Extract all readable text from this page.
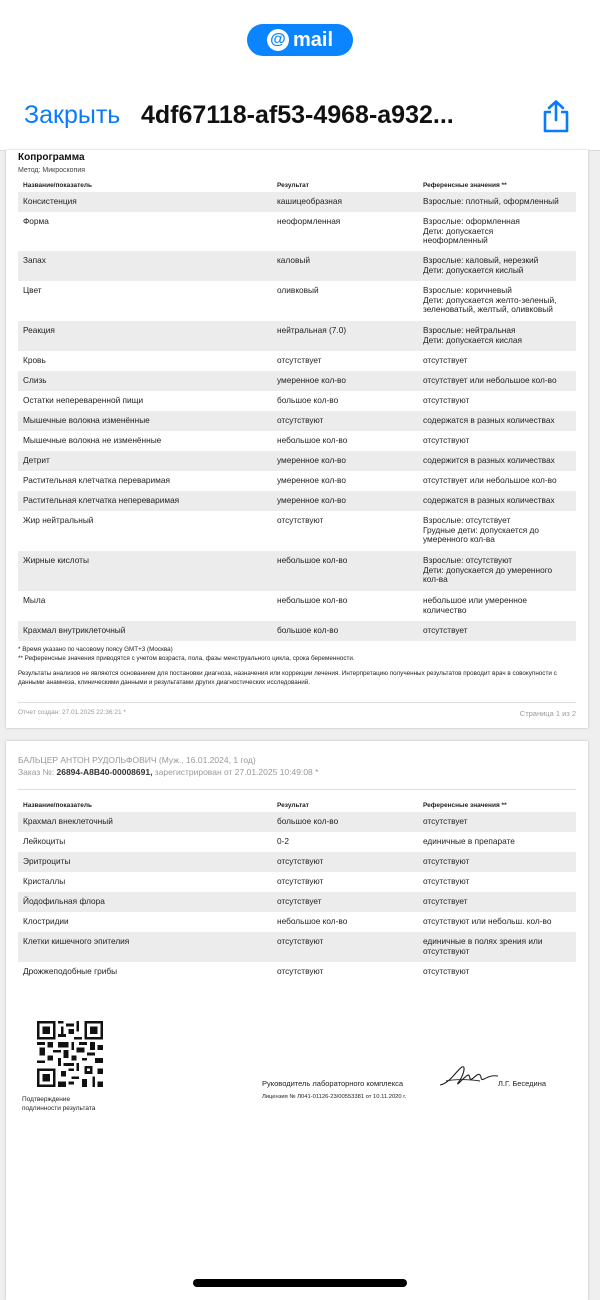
@ mail
Закрыть 4df67118-af53-4968-a932...
Копрограмма
Метод: Микроскопия
Название/показатель	Результат	Референсные значения **
Консистенция	кашицеобразная	Взрослые: плотный, оформленный
Форма	неоформленная	Взрослые: оформленная
Дети: допускается
неоформленный
Запах	каловый	Взрослые: каловый, нерезкий
Дети: допускается кислый
Цвет	оливковый	Взрослые: коричневый
Дети: допускается желто-зеленый,
зеленоватый, желтый, оливковый
Реакция	нейтральная (7.0)	Взрослые: нейтральная
Дети: допускается кислая
Кровь	отсутствует	отсутствует
Слизь	умеренное кол-во	отсутствует или небольшое кол-во
Остатки непереваренной пищи	большое кол-во	отсутствуют
Мышечные волокна изменённые	отсутствуют	содержатся в разных количествах
Мышечные волокна не изменённые	небольшое кол-во	отсутствуют
Детрит	умеренное кол-во	содержится в разных количествах
Растительная клетчатка переваримая	умеренное кол-во	отсутствует или небольшое кол-во
Растительная клетчатка непереваримая	умеренное кол-во	содержатся в разных количествах
Жир нейтральный	отсутствуют	Взрослые: отсутствует
Грудные дети: допускается до
умеренного кол-ва
Жирные кислоты	небольшое кол-во	Взрослые: отсутствуют
Дети: допускается до умеренного
кол-ва
Мыла	небольшое кол-во	небольшое или умеренное
количество
Крахмал внутриклеточный	большое кол-во	отсутствует
* Время указано по часовому поясу GMT+3 (Москва)
** Референсные значения приводятся с учетом возраста, пола, фазы менструального цикла, срока беременности.
Результаты анализов не являются основанием для постановки диагноза, назначения или коррекции лечения. Интерпретацию полученных результатов проводит врач в совокупности с данными анамнеза, клиническими данными и результатами других диагностических исследований.
Отчет создан: 27.01.2025 22:36:21 *	Страница 1 из 2
БАЛЬЦЕР АНТОН РУДОЛЬФОВИЧ (Муж., 16.01.2024, 1 год)
Заказ №: 26894-A8B40-00008691, зарегистрирован от 27.01.2025 10:49:08 *
Название/показатель	Результат	Референсные значения **
Крахмал внеклеточный	большое кол-во	отсутствует
Лейкоциты	0-2	единичные в препарате
Эритроциты	отсутствуют	отсутствуют
Кристаллы	отсутствуют	отсутствуют
Йодофильная флора	отсутствует	отсутствует
Клостридии	небольшое кол-во	отсутствуют или небольш. кол-во
Клетки кишечного эпителия	отсутствуют	единичные в полях зрения или
отсутствуют
Дрожжеподобные грибы	отсутствуют	отсутствуют
Подтверждение
подлинности результата
Руководитель лабораторного комплекса	Л.Г. Беседина
Лицензия № Л041-01126-23/00553381 от 10.11.2020 г.
